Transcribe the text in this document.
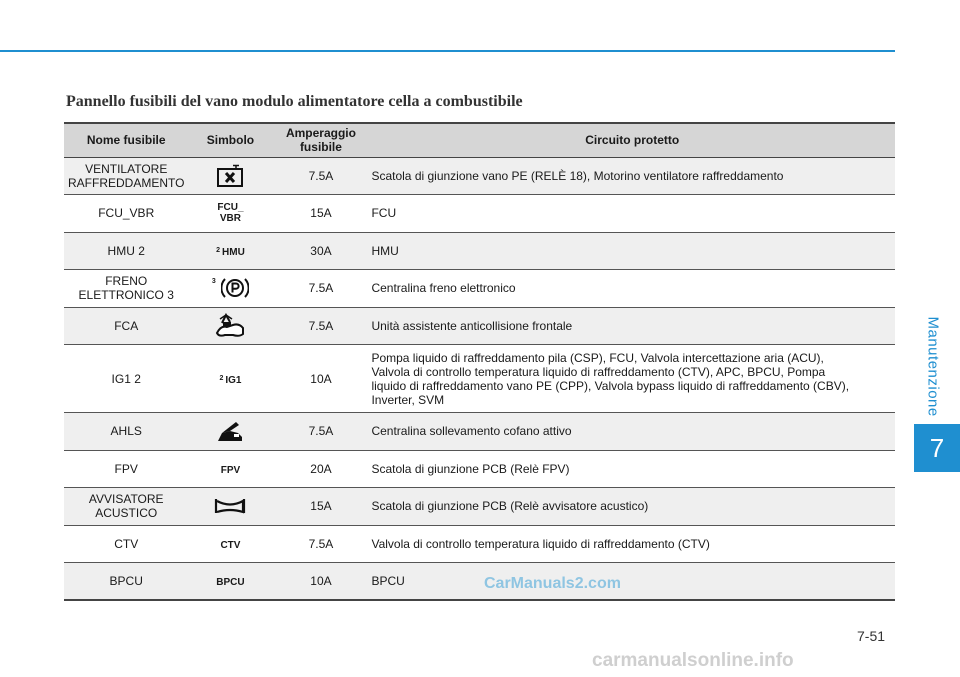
Manutenzione
7
Pannello fusibili del vano modulo alimentatore cella a combustibile
Nome fusibile	Simbolo	Amperaggio fusibile	Circuito protetto
VENTILATORE RAFFREDDAMENTO		7.5A	Scatola di giunzione vano PE (RELÈ 18), Motorino ventilatore raffreddamento
FCU_VBR	FCU_ VBR	15A	FCU
HMU 2	$^2$ HMU	30A	HMU
FRENO ELETTRONICO 3	$^3$	7.5A	Centralina freno elettronico
FCA		7.5A	Unità assistente anticollisione frontale
IG1 2	$^2$ IG1	10A	Pompa liquido di raffreddamento pila (CSP), FCU, Valvola intercettazione aria (ACU), Valvola di controllo temperatura liquido di raffreddamento (CTV), APC, BPCU, Pompa liquido di raffreddamento vano PE (CPP), Valvola bypass liquido di raffreddamento (CBV), Inverter, SVM
AHLS		7.5A	Centralina sollevamento cofano attivo
FPV	FPV	20A	Scatola di giunzione PCB (Relè FPV)
AVVISATORE ACUSTICO		15A	Scatola di giunzione PCB (Relè avvisatore acustico)
CTV	CTV	7.5A	Valvola di controllo temperatura liquido di raffreddamento (CTV)
BPCU	BPCU	10A	BPCU	CarManuals2.com
7-51
carmanualsonline.info
